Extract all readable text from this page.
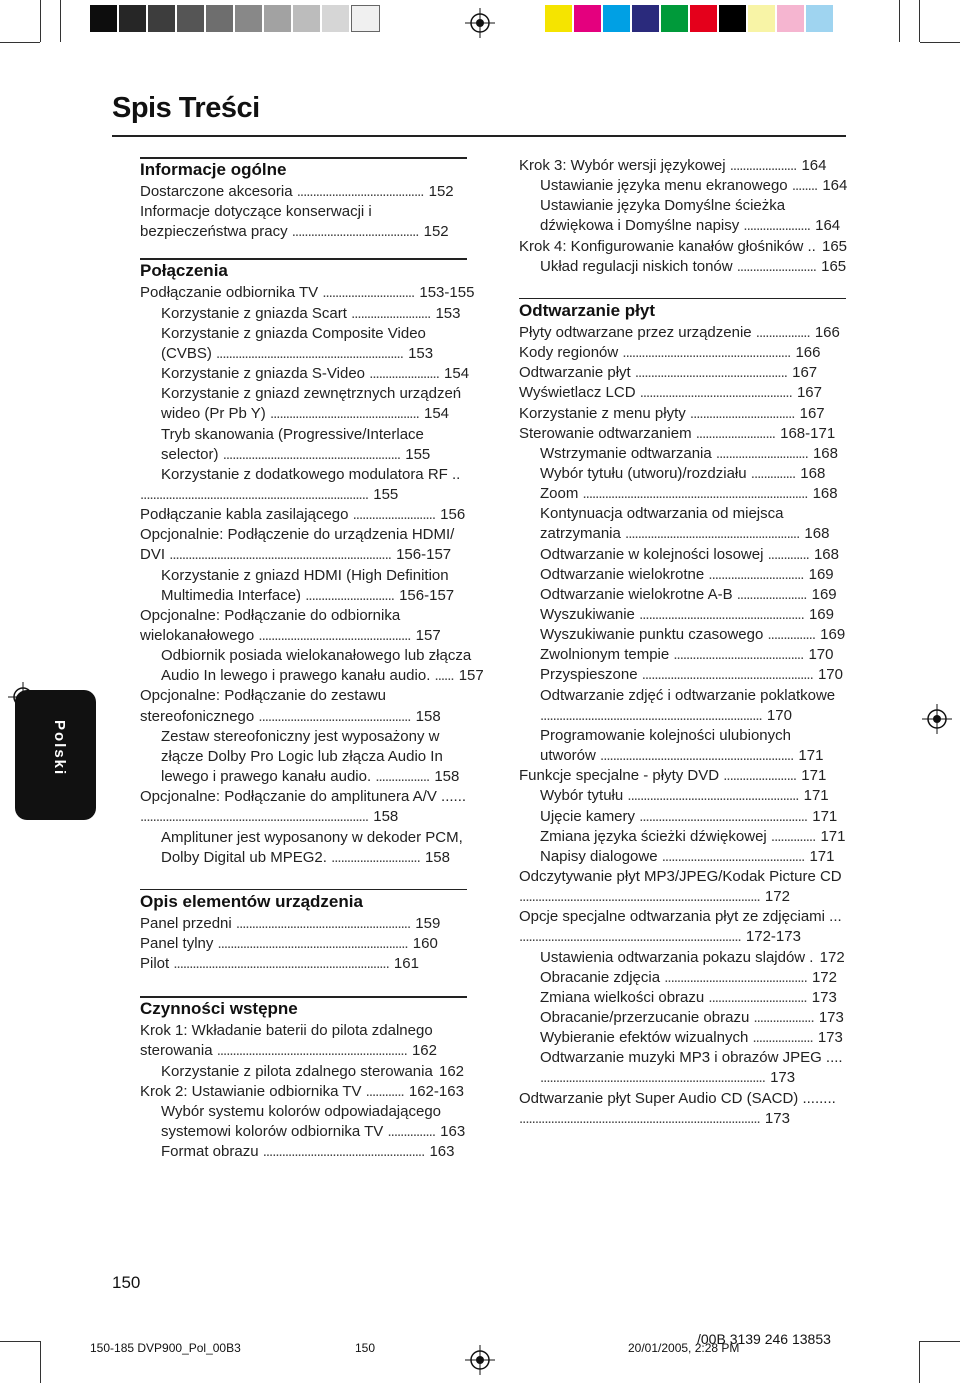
Spis Treści
Informacje ogólne
Dostarczone akcesoria ........................................ 152
Informacje dotyczące konserwacji i
bezpieczeństwa pracy ........................................ 152
Połączenia
Podłączanie odbiornika TV ............................. 153-155
Korzystanie z gniazda Scart ......................... 153
Korzystanie z gniazda Composite Video
(CVBS) ........................................................... 153
Korzystanie z gniazda S-Video ...................... 154
Korzystanie z gniazd zewnętrznych urządzeń
wideo (Pr Pb Y) ............................................... 154
Tryb skanowania (Progressive/Interlace
selector) ........................................................ 155
Korzystanie z dodatkowego modulatora RF ..
........................................................................ 155
Podłączanie kabla zasilającego .......................... 156
Opcjonalnie: Podłączenie do urządzenia HDMI/
DVI ...................................................................... 156-157
Korzystanie z gniazd HDMI (High Definition
Multimedia Interface) ............................ 156-157
Opcjonalne: Podłączanie do odbiornika
wielokanałowego ................................................ 157
Odbiornik posiada wielokanałowego lub złącza
Audio In lewego i prawego kanału audio. ...... 157
Opcjonalne: Podłączanie do zestawu
stereofonicznego ................................................ 158
Zestaw stereofoniczny jest wyposażony w
złącze Dolby Pro Logic lub złącza Audio In
lewego i prawego kanału audio. ................. 158
Opcjonalne: Podłączanie do amplitunera A/V ......
........................................................................ 158
Amplituner jest wyposanony w dekoder PCM,
Dolby Digital ub MPEG2. ............................ 158
Opis elementów urządzenia
Panel przedni ....................................................... 159
Panel tylny ............................................................ 160
Pilot .................................................................... 161
Czynności wstępne
Krok 1: Wkładanie baterii do pilota zdalnego
sterowania ............................................................ 162
Korzystanie z pilota zdalnego sterowania 162
Krok 2: Ustawianie odbiornika TV ............ 162-163
Wybór systemu kolorów odpowiadającego
systemowi kolorów odbiornika TV ............... 163
Format obrazu ................................................... 163
Krok 3: Wybór wersji językowej ..................... 164
Ustawianie języka menu ekranowego ........ 164
Ustawianie języka Domyślne ścieżka
dźwiękowa i Domyślne napisy ..................... 164
Krok 4: Konfigurowanie kanałów głośników .. 165
Układ regulacji niskich tonów ......................... 165
Odtwarzanie płyt
Płyty odtwarzane przez urządzenie ................. 166
Kody regionów ..................................................... 166
Odtwarzanie płyt ................................................ 167
Wyświetlacz LCD ................................................ 167
Korzystanie z menu płyty ................................. 167
Sterowanie odtwarzaniem ......................... 168-171
Wstrzymanie odtwarzania ............................. 168
Wybór tytułu (utworu)/rozdziału .............. 168
Zoom ....................................................................... 168
Kontynuacja odtwarzania od miejsca
zatrzymania ....................................................... 168
Odtwarzanie w kolejności losowej ............. 168
Odtwarzanie wielokrotne .............................. 169
Odtwarzanie wielokrotne A-B ...................... 169
Wyszukiwanie .................................................... 169
Wyszukiwanie punktu czasowego ............... 169
Zwolnionym tempie ......................................... 170
Przyspieszone ...................................................... 170
Odtwarzanie zdjęć i odtwarzanie poklatkowe
...................................................................... 170
Programowanie kolejności ulubionych
utworów ............................................................. 171
Funkcje specjalne - płyty DVD ....................... 171
Wybór tytułu ...................................................... 171
Ujęcie kamery ..................................................... 171
Zmiana języka ścieżki dźwiękowej .............. 171
Napisy dialogowe ............................................. 171
Odczytywanie płyt MP3/JPEG/Kodak Picture CD
............................................................................ 172
Opcje specjalne odtwarzania płyt ze zdjęciami ...
...................................................................... 172-173
Ustawienia odtwarzania pokazu slajdów . 172
Obracanie zdjęcia ............................................. 172
Zmiana wielkości obrazu ............................... 173
Obracanie/przerzucanie obrazu ................... 173
Wybieranie efektów wizualnych ................... 173
Odtwarzanie muzyki MP3 i obrazów JPEG ....
....................................................................... 173
Odtwarzanie płyt Super Audio CD (SACD) ........
............................................................................ 173
Polski
150
150-185 DVP900_Pol_00B3	150	20/01/2005, 2:28 PM
/00B 3139 246 13853
